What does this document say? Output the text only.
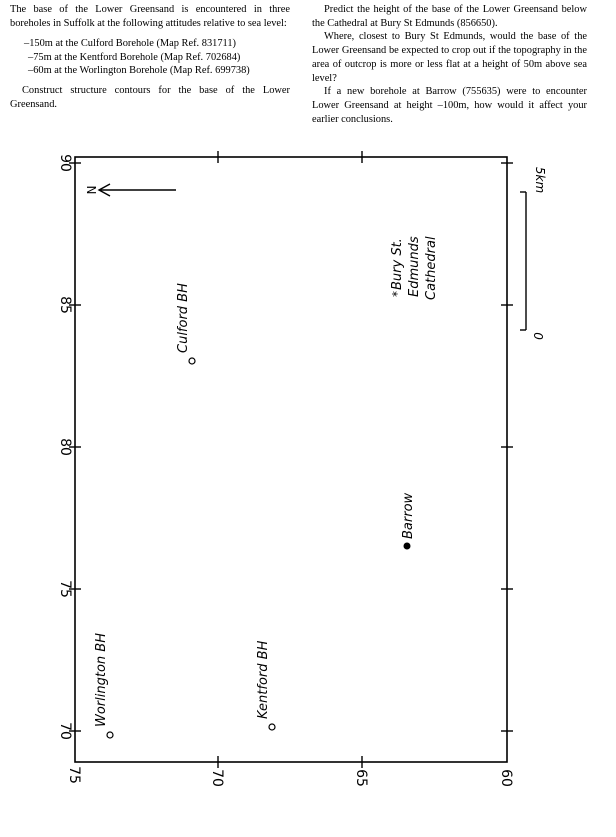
The base of the Lower Greensand is encountered in three boreholes in Suffolk at the following attitudes relative to sea level:

–150m at the Culford Borehole (Map Ref. 831711)
–75m at the Kentford Borehole (Map Ref. 702684)
–60m at the Worlington Borehole (Map Ref. 699738)

Construct structure contours for the base of the Lower Greensand.

Predict the height of the base of the Lower Greensand below the Cathedral at Bury St Edmunds (856650).

Where, closest to Bury St Edmunds, would the base of the Lower Greensand be expected to crop out if the topography in the area of outcrop is more or less flat at a height of 50m above sea level?

If a new borehole at Barrow (755635) were to encounter Lower Greensand at height –100m, how would it affect your earlier conclusions.

70
75
80
85
90
75	70	65	60
N
0
5km
Worlington BH	Kentford BH
Culford BH
Barrow
Bury St.
* Edmunds Cathedral
